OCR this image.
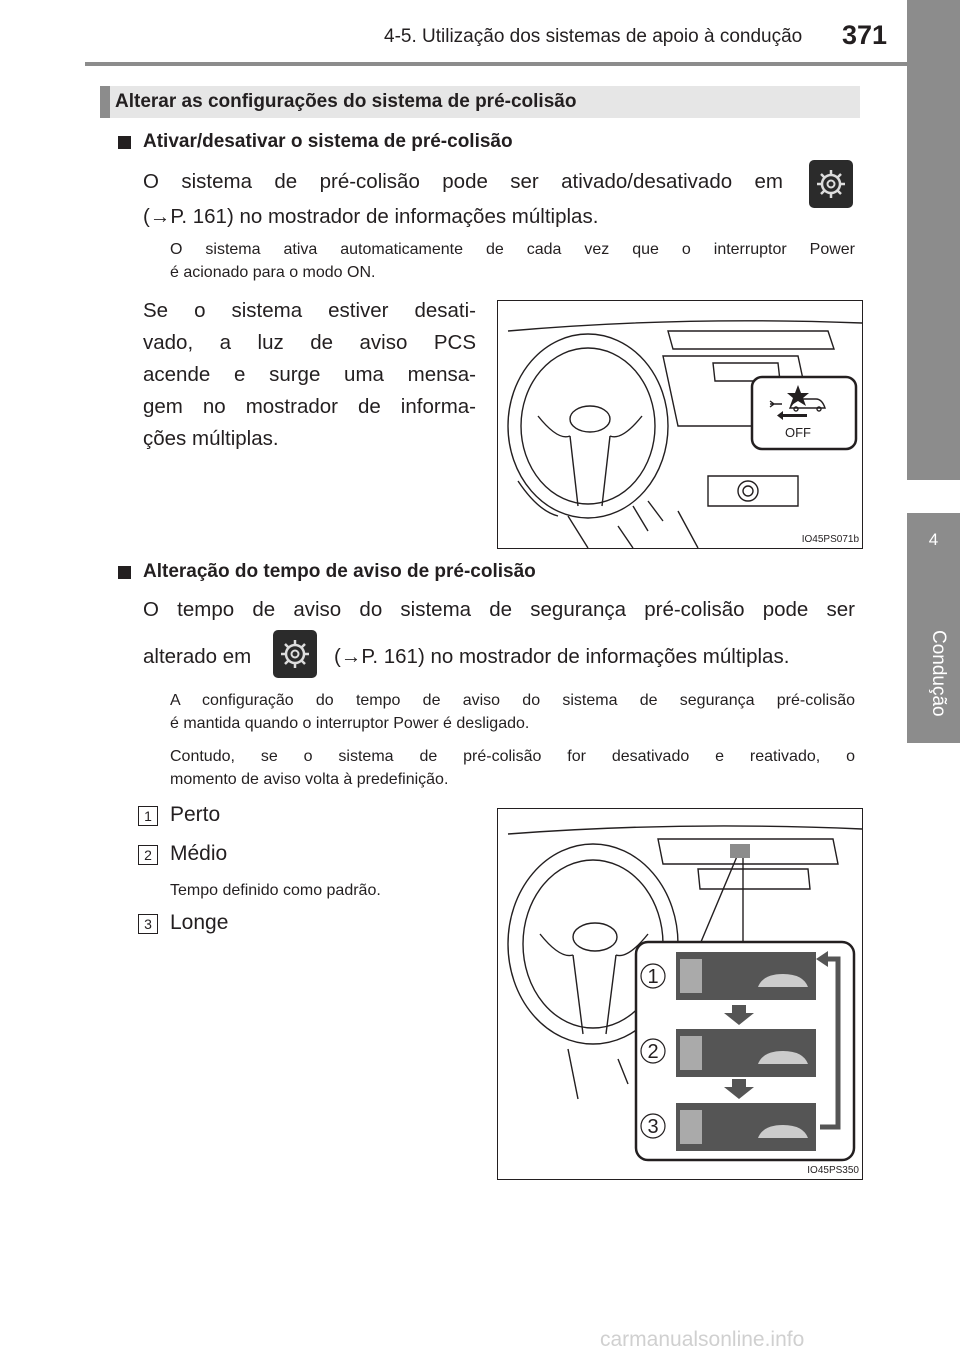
4-5. Utilização dos sistemas de apoio à condução 371
4
Condução
Alterar as configurações do sistema de pré-colisão
Ativar/desativar o sistema de pré-colisão
O sistema de pré-colisão pode ser ativado/desativado em
(→P. 161) no mostrador de informações múltiplas.
O sistema ativa automaticamente de cada vez que o interruptor Power
é acionado para o modo ON.
Se o sistema estiver desati-
vado, a luz de aviso PCS
acende e surge uma mensa-
gem no mostrador de informa-
ções múltiplas.	OFF
IO45PS071b
Alteração do tempo de aviso de pré-colisão
O tempo de aviso do sistema de segurança pré-colisão pode ser
alterado em	(→P. 161) no mostrador de informações múltiplas.
A configuração do tempo de aviso do sistema de segurança pré-colisão
é mantida quando o interruptor Power é desligado.
Contudo, se o sistema de pré-colisão for desativado e reativado, o
momento de aviso volta à predefinição.
1 Perto
2 Médio
Tempo definido como padrão.
3 Longe
1
2
3
IO45PS350
carmanualsonline.info
